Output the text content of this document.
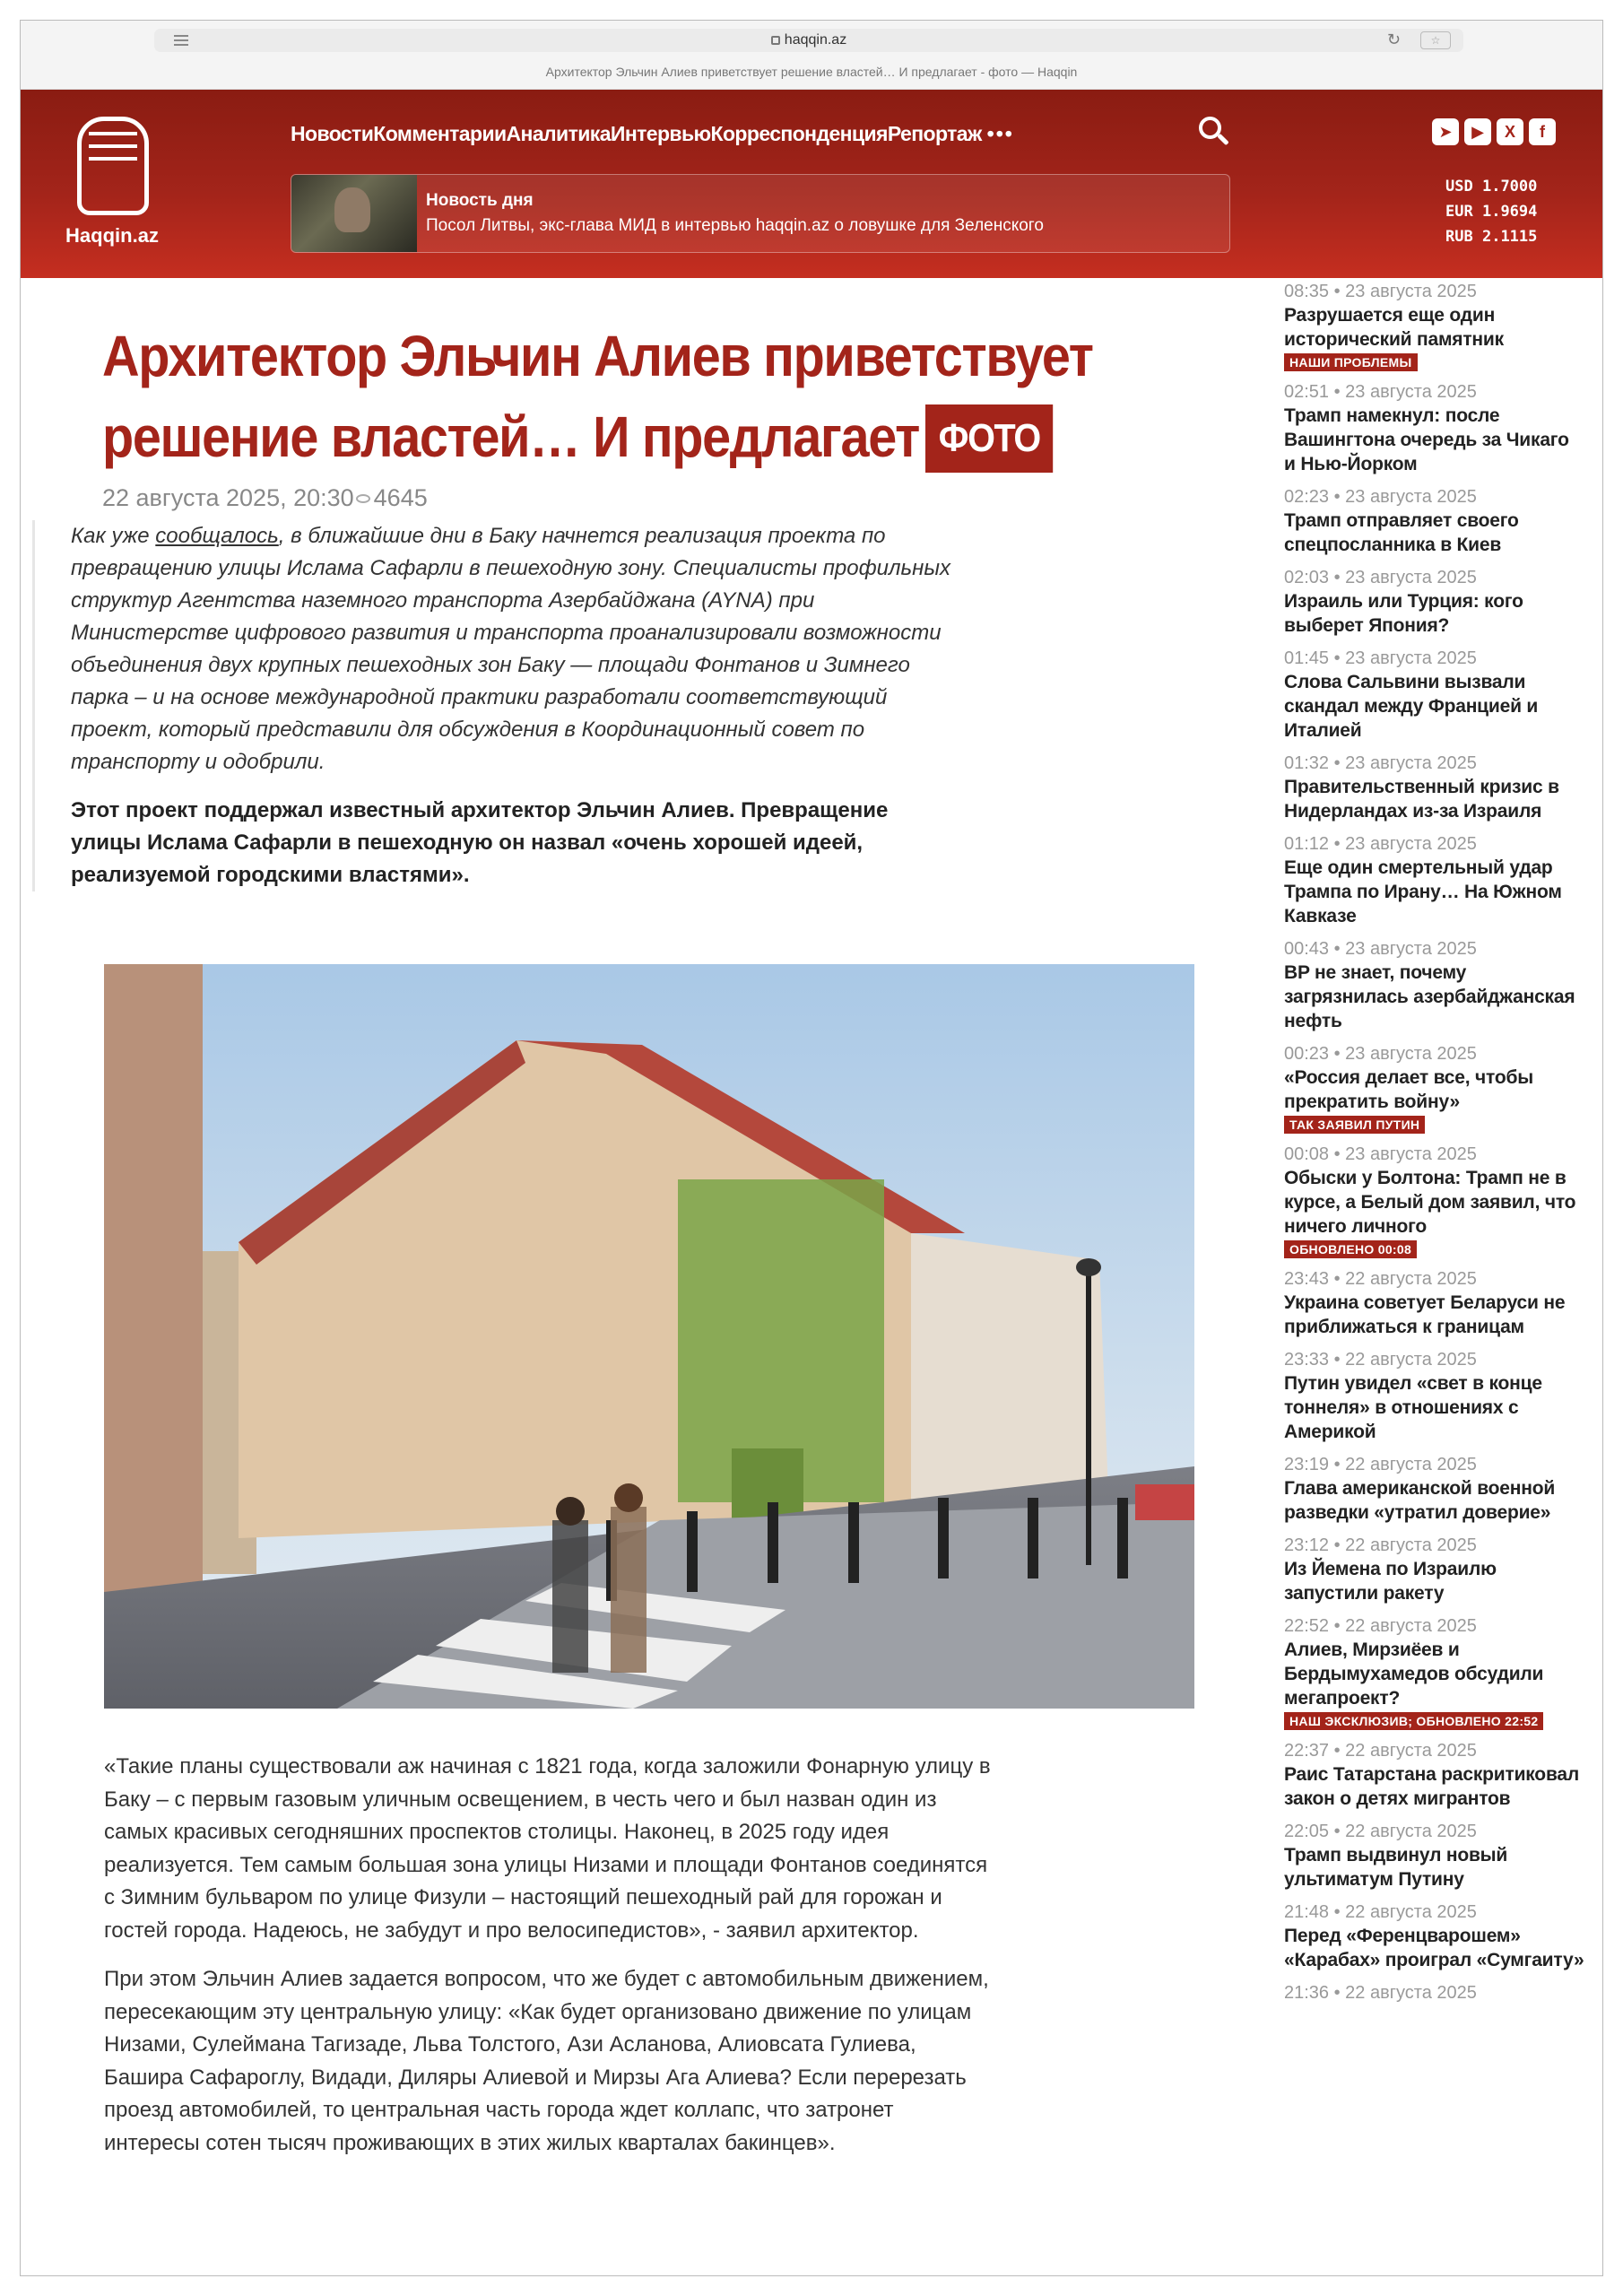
haqqin.az	↻	☆
Архитектор Эльчин Алиев приветствует решение властей… И предлагает - фото — Haqqin
Haqqin.az
Новости Комментарии Аналитика Интервью Корреспонденция Репортаж •••	➤	▶	X	f
Новость дня
Посол Литвы, экс-глава МИД в интервью haqqin.az о ловушке для Зеленского
USD 1.7000
EUR 1.9694
RUB 2.1115
Архитектор Эльчин Алиев приветствует решение властей… И предлагает ФОТО
22 августа 2025, 20:30 4645

Как уже сообщалось, в ближайшие дни в Баку начнется реализация проекта по превращению улицы Ислама Сафарли в пешеходную зону. Специалисты профильных структур Агентства наземного транспорта Азербайджана (AYNA) при Министерстве цифрового развития и транспорта проанализировали возможности объединения двух крупных пешеходных зон Баку — площади Фонтанов и Зимнего парка – и на основе международной практики разработали соответствующий проект, который представили для обсуждения в Координационный совет по транспорту и одобрили.

Этот проект поддержал известный архитектор Эльчин Алиев. Превращение улицы Ислама Сафарли в пешеходную он назвал «очень хорошей идеей, реализуемой городскими властями».

«Такие планы существовали аж начиная с 1821 года, когда заложили Фонарную улицу в Баку – с первым газовым уличным освещением, в честь чего и был назван один из самых красивых сегодняшних проспектов столицы. Наконец, в 2025 году идея реализуется. Тем самым большая зона улицы Низами и площади Фонтанов соединятся с Зимним бульваром по улице Физули – настоящий пешеходный рай для горожан и гостей города. Надеюсь, не забудут и про велосипедистов», - заявил архитектор.

При этом Эльчин Алиев задается вопросом, что же будет с автомобильным движением, пересекающим эту центральную улицу: «Как будет организовано движение по улицам Низами, Сулеймана Тагизаде, Льва Толстого, Ази Асланова, Алиовсата Гулиева, Башира Сафароглу, Видади, Диляры Алиевой и Мирзы Ага Алиева? Если перерезать проезд автомобилей, то центральная часть города ждет коллапс, что затронет интересы сотен тысяч проживающих в этих жилых кварталах бакинцев».

08:35 • 23 августа 2025
Разрушается еще один исторический памятник
НАШИ ПРОБЛЕМЫ
02:51 • 23 августа 2025
Трамп намекнул: после Вашингтона очередь за Чикаго и Нью-Йорком
02:23 • 23 августа 2025
Трамп отправляет своего спецпосланника в Киев
02:03 • 23 августа 2025
Израиль или Турция: кого выберет Япония?
01:45 • 23 августа 2025
Слова Сальвини вызвали скандал между Францией и Италией
01:32 • 23 августа 2025
Правительственный кризис в Нидерландах из-за Израиля
01:12 • 23 августа 2025
Еще один смертельный удар Трампа по Ирану… На Южном Кавказе
00:43 • 23 августа 2025
BP не знает, почему загрязнилась азербайджанская нефть
00:23 • 23 августа 2025
«Россия делает все, чтобы прекратить войну»
ТАК ЗАЯВИЛ ПУТИН
00:08 • 23 августа 2025
Обыски у Болтона: Трамп не в курсе, а Белый дом заявил, что ничего личного
ОБНОВЛЕНО 00:08
23:43 • 22 августа 2025
Украина советует Беларуси не приближаться к границам
23:33 • 22 августа 2025
Путин увидел «свет в конце тоннеля» в отношениях с Америкой
23:19 • 22 августа 2025
Глава американской военной разведки «утратил доверие»
23:12 • 22 августа 2025
Из Йемена по Израилю запустили ракету
22:52 • 22 августа 2025
Алиев, Мирзиёев и Бердымухамедов обсудили мегапроект?
НАШ ЭКСКЛЮЗИВ; ОБНОВЛЕНО 22:52
22:37 • 22 августа 2025
Раис Татарстана раскритиковал закон о детях мигрантов
22:05 • 22 августа 2025
Трамп выдвинул новый ультиматум Путину
21:48 • 22 августа 2025
Перед «Ференцварошем» «Карабах» проиграл «Сумгаиту»
21:36 • 22 августа 2025
